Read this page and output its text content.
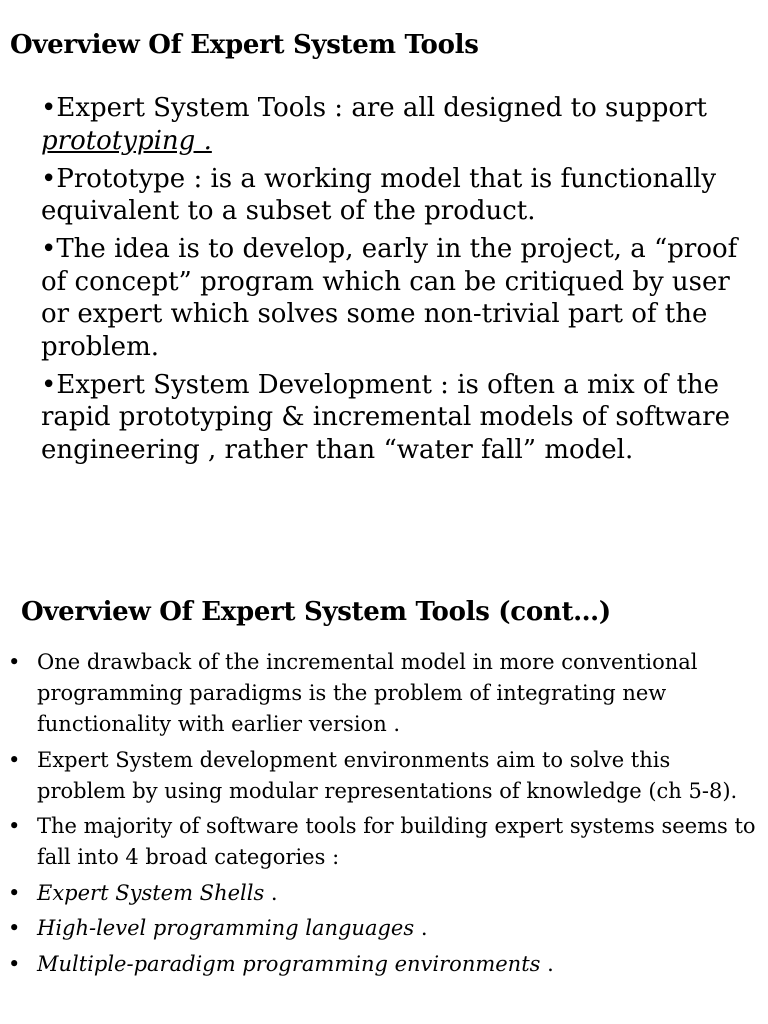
Overview Of Expert System Tools
•Expert System Tools : are all designed to support prototyping .
•Prototype : is a working model that is functionally equivalent to a subset of the product.
•The idea is to develop, early in the project, a “proof of concept” program which can be critiqued by user or expert which solves some non-trivial part of the problem.
•Expert System Development : is often a mix of the rapid prototyping & incremental models of software engineering , rather than “water fall” model.
Overview Of Expert System Tools (cont…)
• One drawback of the incremental model in more conventional programming paradigms is the problem of integrating new functionality with earlier version .
• Expert System development environments aim to solve this problem by using modular representations of knowledge (ch 5-8).
• The majority of software tools for building expert systems seems to fall into 4 broad categories :
• Expert System Shells .
• High-level programming languages .
• Multiple-paradigm programming environments .
